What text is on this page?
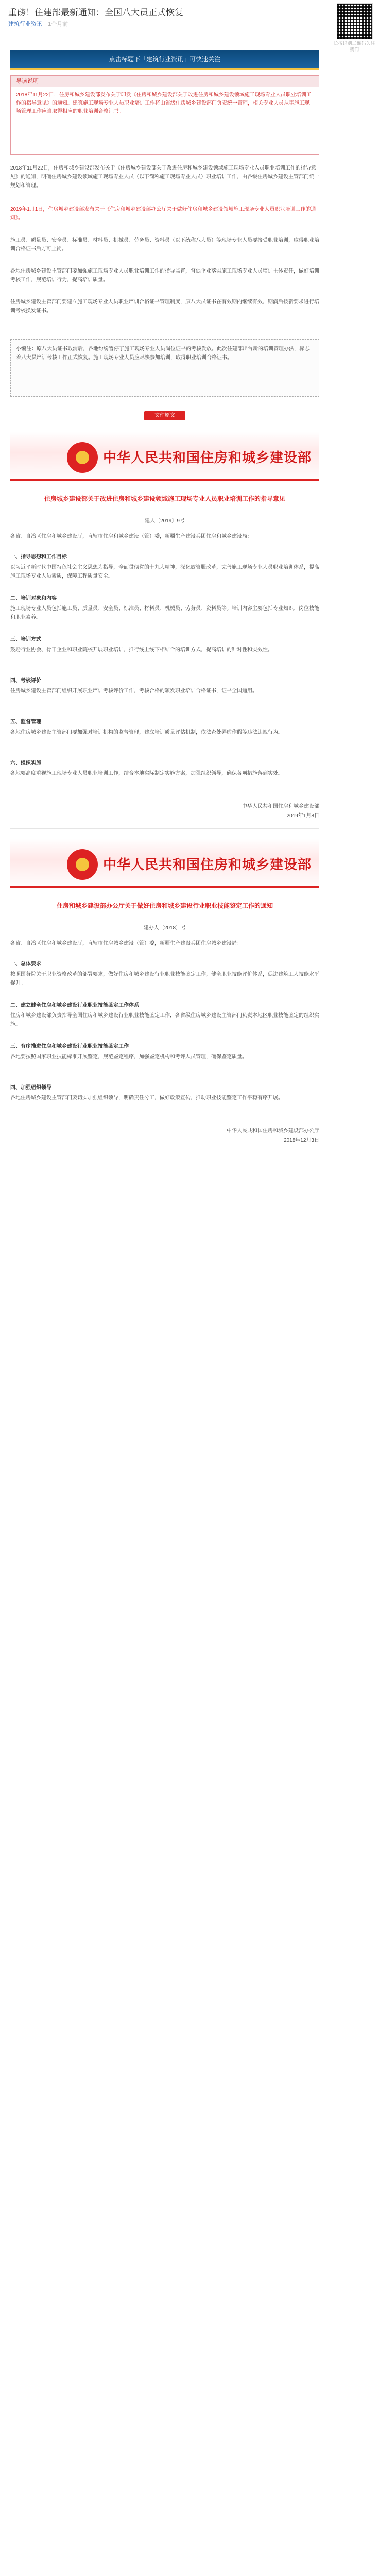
重磅！住建部最新通知：全国八大员正式恢复
建筑行业资讯 1个月前
长按识别二维码关注我们
点击标题下「建筑行业资讯」可快速关注
导读说明
2018年11月22日，住房和城乡建设部发布关于印发《住房和城乡建设部关于改进住房和城乡建设领域施工现场专业人员职业培训工作的指导意见》的通知。建筑施工现场专业人员职业培训工作将由省级住房城乡建设部门负责统一管理，相关专业人员从事施工现场管理工作应当取得相应的职业培训合格证书。
2018年11月22日，住房和城乡建设部发布关于《住房城乡建设部关于改进住房和城乡建设领域施工现场专业人员职业培训工作的指导意见》的通知，明确住房城乡建设领域施工现场专业人员（以下简称施工现场专业人员）职业培训工作，由各级住房城乡建设主管部门统一规划和管理。
2019年1月1日，住房城乡建设部发布关于《住房和城乡建设部办公厅关于做好住房和城乡建设领域施工现场专业人员职业培训工作的通知》。
施工员、质量员、安全员、标准员、材料员、机械员、劳务员、资料员（以下统称八大员）等现场专业人员要接受职业培训，取得职业培训合格证书后方可上岗。
各地住房城乡建设主管部门要加强施工现场专业人员职业培训工作的指导监督，督促企业落实施工现场专业人员培训主体责任，做好培训考核工作，规范培训行为，提高培训质量。
住房城乡建设主管部门要建立施工现场专业人员职业培训合格证书管理制度，原八大员证书在有效期内继续有效，期满后按新要求进行培训考核换发证书。
小编注：原八大员证书取消后，各地纷纷暂停了施工现场专业人员岗位证书的考核发放。此次住建部出台新的培训管理办法，标志着八大员培训考核工作正式恢复。施工现场专业人员应尽快参加培训，取得职业培训合格证书。
文件原文
中华人民共和国住房和城乡建设部
住房城乡建设部关于改进住房和城乡建设领域施工现场专业人员职业培训工作的指导意见
建人〔2019〕9号
各省、自治区住房和城乡建设厅，直辖市住房和城乡建设（管）委，新疆生产建设兵团住房和城乡建设局：
一、指导思想和工作目标
以习近平新时代中国特色社会主义思想为指导，全面贯彻党的十九大精神，深化放管服改革，完善施工现场专业人员职业培训体系，提高施工现场专业人员素质，保障工程质量安全。
二、培训对象和内容
施工现场专业人员包括施工员、质量员、安全员、标准员、材料员、机械员、劳务员、资料员等。培训内容主要包括专业知识、岗位技能和职业素养。
三、培训方式
鼓励行业协会、骨干企业和职业院校开展职业培训，推行线上线下相结合的培训方式，提高培训的针对性和实效性。
四、考核评价
住房城乡建设主管部门组织开展职业培训考核评价工作，考核合格的颁发职业培训合格证书，证书全国通用。
五、监督管理
各地住房城乡建设主管部门要加强对培训机构的监督管理，建立培训质量评估机制，依法查处弄虚作假等违法违规行为。
六、组织实施
各地要高度重视施工现场专业人员职业培训工作，结合本地实际制定实施方案，加强组织领导，确保各项措施落到实处。
中华人民共和国住房和城乡建设部
2019年1月8日
中华人民共和国住房和城乡建设部
住房和城乡建设部办公厅关于做好住房和城乡建设行业职业技能鉴定工作的通知
建办人〔2018〕号
各省、自治区住房和城乡建设厅，直辖市住房城乡建设（管）委，新疆生产建设兵团住房城乡建设局：
一、总体要求
按照国务院关于职业资格改革的部署要求，做好住房和城乡建设行业职业技能鉴定工作，健全职业技能评价体系，促进建筑工人技能水平提升。
二、建立健全住房和城乡建设行业职业技能鉴定工作体系
住房和城乡建设部负责指导全国住房和城乡建设行业职业技能鉴定工作，各省级住房城乡建设主管部门负责本地区职业技能鉴定的组织实施。
三、有序推进住房和城乡建设行业职业技能鉴定工作
各地要按照国家职业技能标准开展鉴定，规范鉴定程序，加强鉴定机构和考评人员管理，确保鉴定质量。
四、加强组织领导
各地住房城乡建设主管部门要切实加强组织领导，明确责任分工，做好政策宣传，推动职业技能鉴定工作平稳有序开展。
中华人民共和国住房和城乡建设部办公厅
2018年12月3日
